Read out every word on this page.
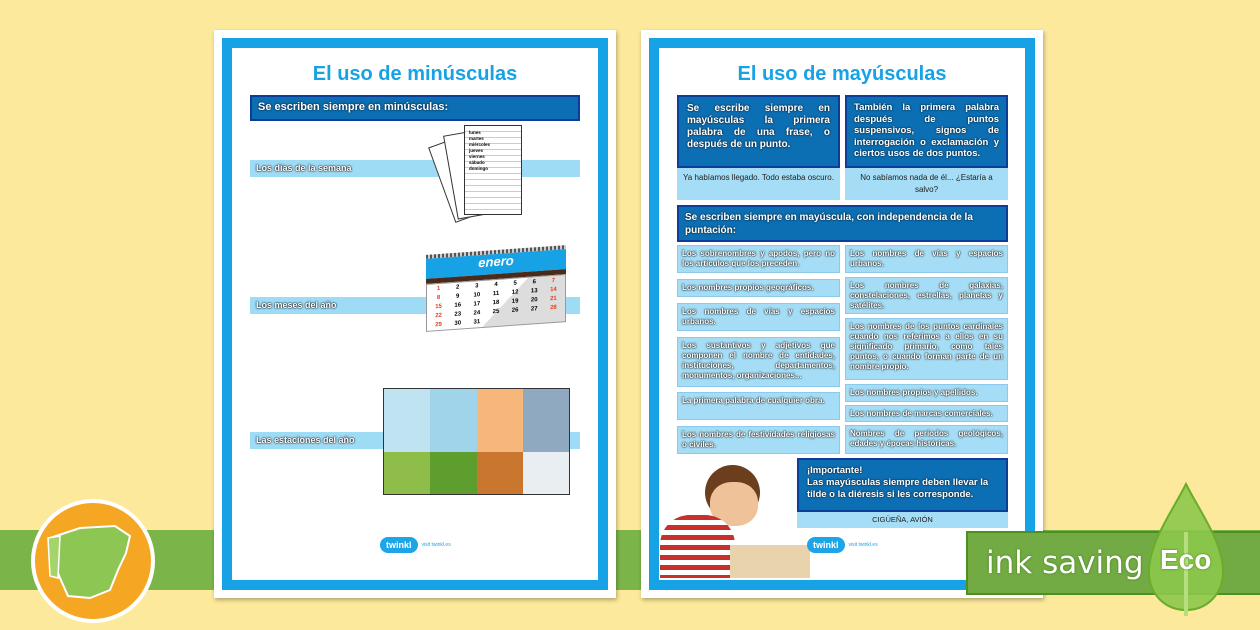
El uso de minúsculas
Se escriben siempre en minúsculas:
Los días de la semana
Los meses del año
Las estaciones del año
lunes
martes
miércoles
jueves
viernes
sábado
domingo
enero
1	2	3	4	5	6	7
8	9	10	11	12	13	14
15	16	17	18	19	20	21
22	23	24	25	26	27	28
29	30	31
twinkl	visit twinkl.es
El uso de mayúsculas
Se escribe siempre en mayúsculas la primera palabra de una frase, o después de un punto.
Ya habíamos llegado. Todo estaba oscuro.
También la primera palabra después de puntos suspensivos, signos de interrogación o exclamación y ciertos usos de dos puntos.
No sabíamos nada de él... ¿Estaría a salvo?
Se escriben siempre en mayúscula, con independencia de la puntación:
Los sobrenombres y apodos, pero no los artículos que los preceden.
Los nombres propios geográficos.
Los nombres de vías y espacios urbanos.
Los sustantivos y adjetivos que componen el nombre de entidades, instituciones, departamentos, monumentos, organizaciones...
La primera palabra de cualquier obra.
Los nombres de festividades religiosas o civiles.
Los nombres de vías y espacios urbanos.
Los nombres de galaxias, constelaciones, estrellas, planetas y satélites.
Los nombres de los puntos cardinales cuando nos referimos a ellos en su significado primario, como tales puntos, o cuando forman parte de un nombre propio.
Los nombres propios y apellidos.
Los nombres de marcas comerciales.
Nombres de períodos geológicos, edades y épocas históricas.
¡Importante!
Las mayúsculas siempre deben llevar la tilde o la diéresis si les corresponde.
CIGÜEÑA, AVIÓN
twinkl	visit twinkl.es	ink saving Eco
